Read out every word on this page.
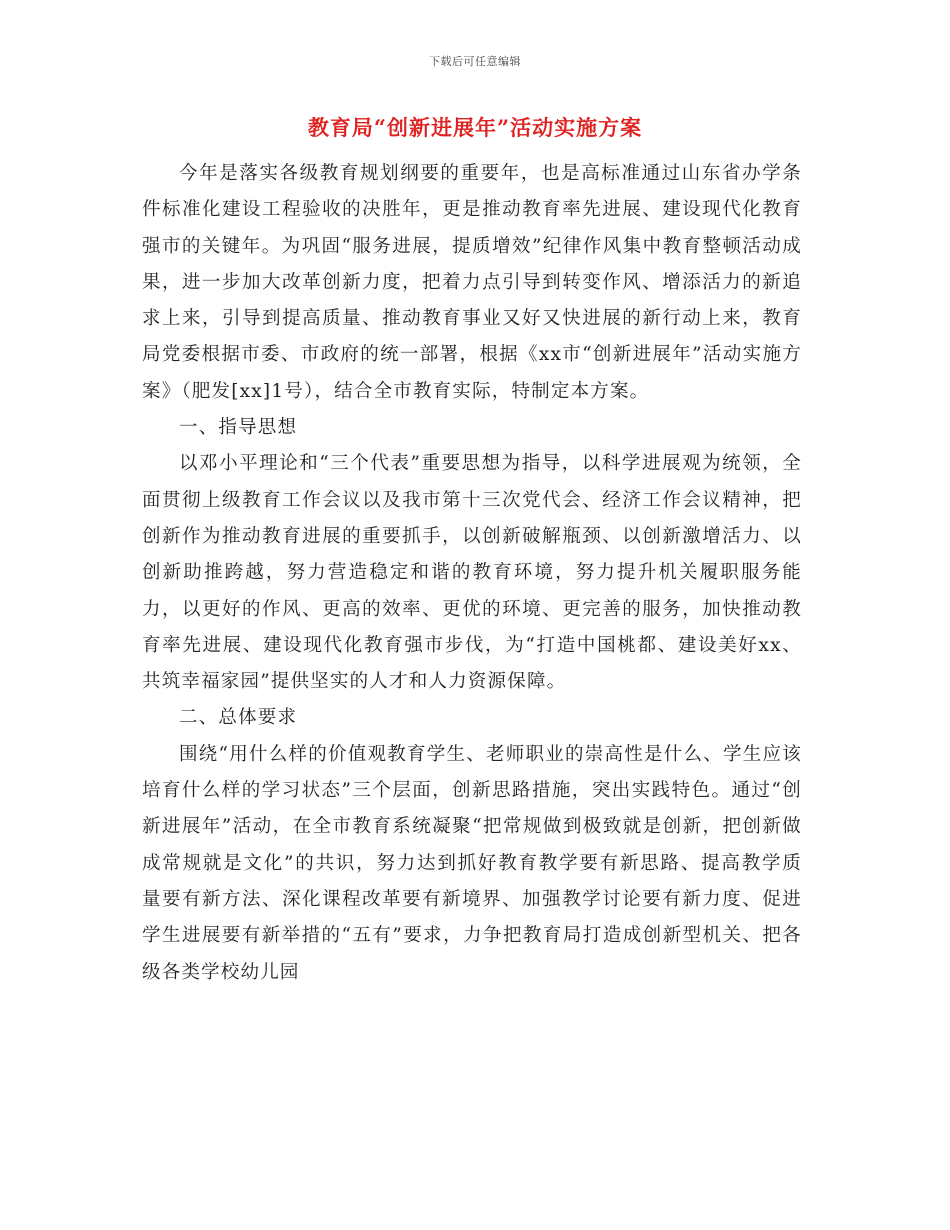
下载后可任意编辑
教育局“创新进展年”活动实施方案

今年是落实各级教育规划纲要的重要年，也是高标准通过山东省办学条件标准化建设工程验收的决胜年，更是推动教育率先进展、建设现代化教育强市的关键年。为巩固“服务进展，提质增效”纪律作风集中教育整顿活动成果，进一步加大改革创新力度，把着力点引导到转变作风、增添活力的新追求上来，引导到提高质量、推动教育事业又好又快进展的新行动上来，教育局党委根据市委、市政府的统一部署，根据《xx市“创新进展年”活动实施方案》（肥发[xx]1号），结合全市教育实际，特制定本方案。

一、指导思想

以邓小平理论和“三个代表”重要思想为指导，以科学进展观为统领，全面贯彻上级教育工作会议以及我市第十三次党代会、经济工作会议精神，把创新作为推动教育进展的重要抓手，以创新破解瓶颈、以创新激增活力、以创新助推跨越，努力营造稳定和谐的教育环境，努力提升机关履职服务能力，以更好的作风、更高的效率、更优的环境、更完善的服务，加快推动教育率先进展、建设现代化教育强市步伐，为“打造中国桃都、建设美好xx、共筑幸福家园”提供坚实的人才和人力资源保障。

二、总体要求

围绕“用什么样的价值观教育学生、老师职业的崇高性是什么、学生应该培育什么样的学习状态”三个层面，创新思路措施，突出实践特色。通过“创新进展年”活动，在全市教育系统凝聚“把常规做到极致就是创新，把创新做成常规就是文化”的共识，努力达到抓好教育教学要有新思路、提高教学质量要有新方法、深化课程改革要有新境界、加强教学讨论要有新力度、促进学生进展要有新举措的“五有”要求，力争把教育局打造成创新型机关、把各级各类学校幼儿园
